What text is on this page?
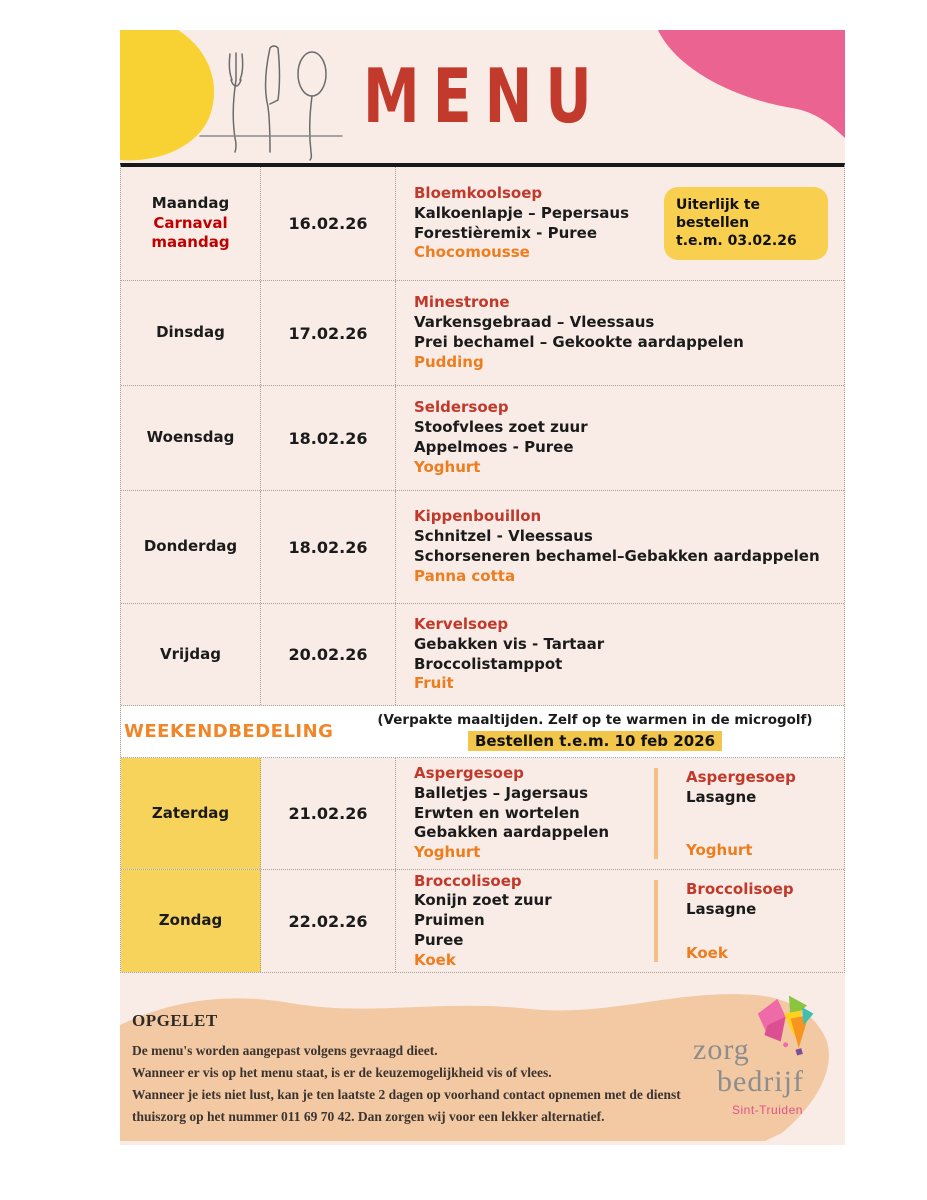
MENU
Maandag
Carnaval maandag
16.02.26
Bloemkoolsoep
Kalkoenlapje – Pepersaus
Forestièremix - Puree
Chocomousse
Uiterlijk te
bestellen
t.e.m. 03.02.26
Dinsdag	17.02.26
Minestrone
Varkensgebraad – Vleessaus
Prei bechamel – Gekookte aardappelen
Pudding
Woensdag	18.02.26
Seldersoep
Stoofvlees zoet zuur
Appelmoes - Puree
Yoghurt
Donderdag	18.02.26
Kippenbouillon
Schnitzel - Vleessaus
Schorseneren bechamel–Gebakken aardappelen
Panna cotta
Vrijdag	20.02.26
Kervelsoep
Gebakken vis - Tartaar
Broccolistamppot
Fruit
WEEKENDBEDELING
(Verpakte maaltijden. Zelf op te warmen in de microgolf)
Bestellen t.e.m. 10 feb 2026
Zaterdag	21.02.26
Aspergesoep
Balletjes – Jagersaus
Erwten en wortelen
Gebakken aardappelen
Yoghurt
Aspergesoep
Lasagne
Yoghurt
Zondag	22.02.26
Broccolisoep
Konijn zoet zuur
Pruimen
Puree
Koek
Broccolisoep
Lasagne
Koek
OPGELET

De menu's worden aangepast volgens gevraagd dieet.

Wanneer er vis op het menu staat, is er de keuzemogelijkheid vis of vlees.

Wanneer je iets niet lust, kan je ten laatste 2 dagen op voorhand contact opnemen met de dienst thuiszorg op het nummer 011 69 70 42. Dan zorgen wij voor een lekker alternatief.

zorg
bedrijf
Sint-Truiden
